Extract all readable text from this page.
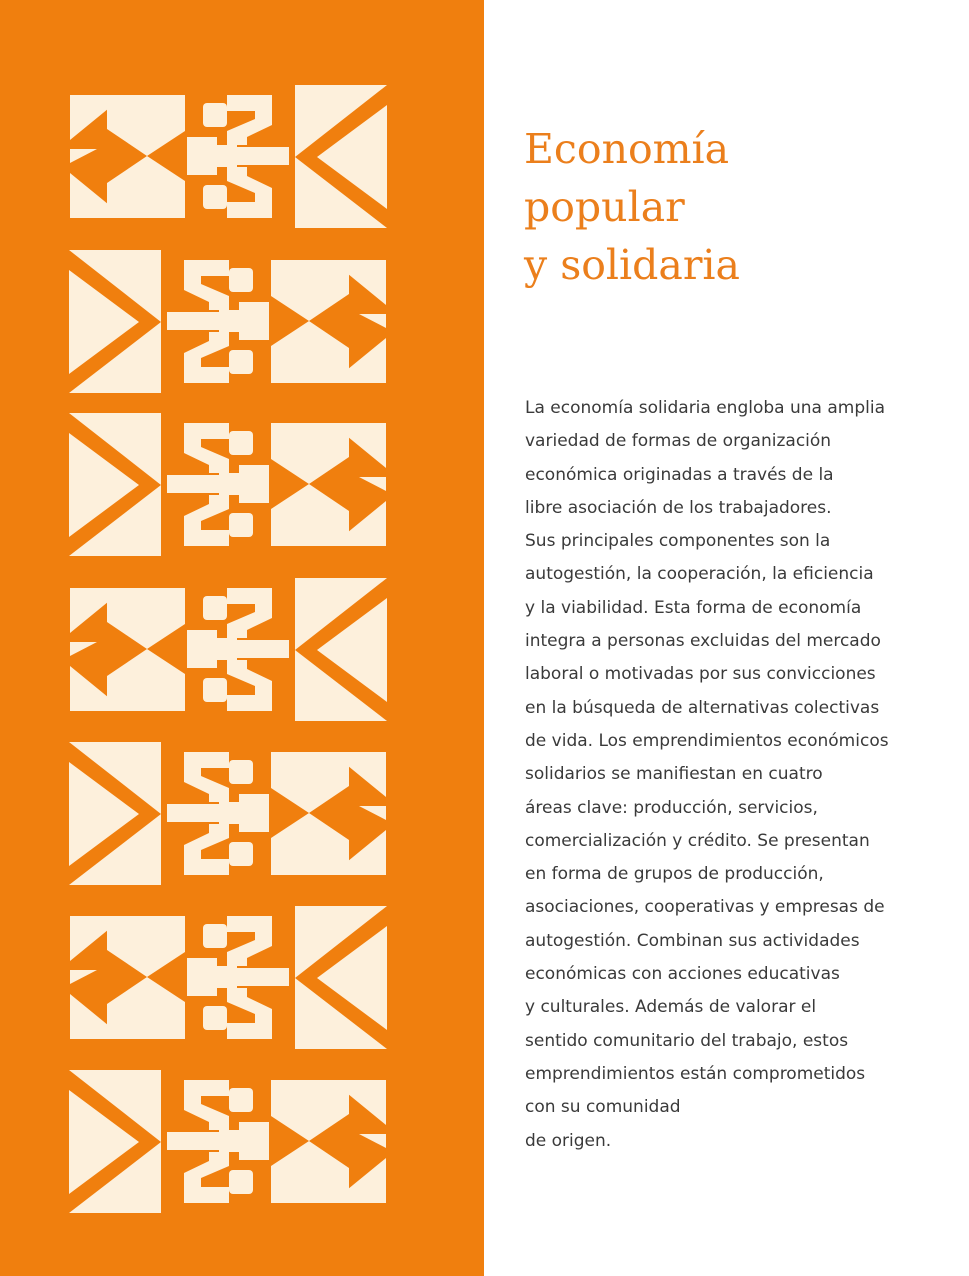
Economía
popular
y solidaria

La economía solidaria engloba una amplia
variedad de formas de organización
económica originadas a través de la
libre asociación de los trabajadores.
Sus principales componentes son la
autogestión, la cooperación, la eficiencia
y la viabilidad. Esta forma de economía
integra a personas excluidas del mercado
laboral o motivadas por sus convicciones
en la búsqueda de alternativas colectivas
de vida. Los emprendimientos económicos
solidarios se manifiestan en cuatro
áreas clave: producción, servicios,
comercialización y crédito. Se presentan
en forma de grupos de producción,
asociaciones, cooperativas y empresas de
autogestión. Combinan sus actividades
económicas con acciones educativas
y culturales. Además de valorar el
sentido comunitario del trabajo, estos
emprendimientos están comprometidos
con su comunidad
de origen.
